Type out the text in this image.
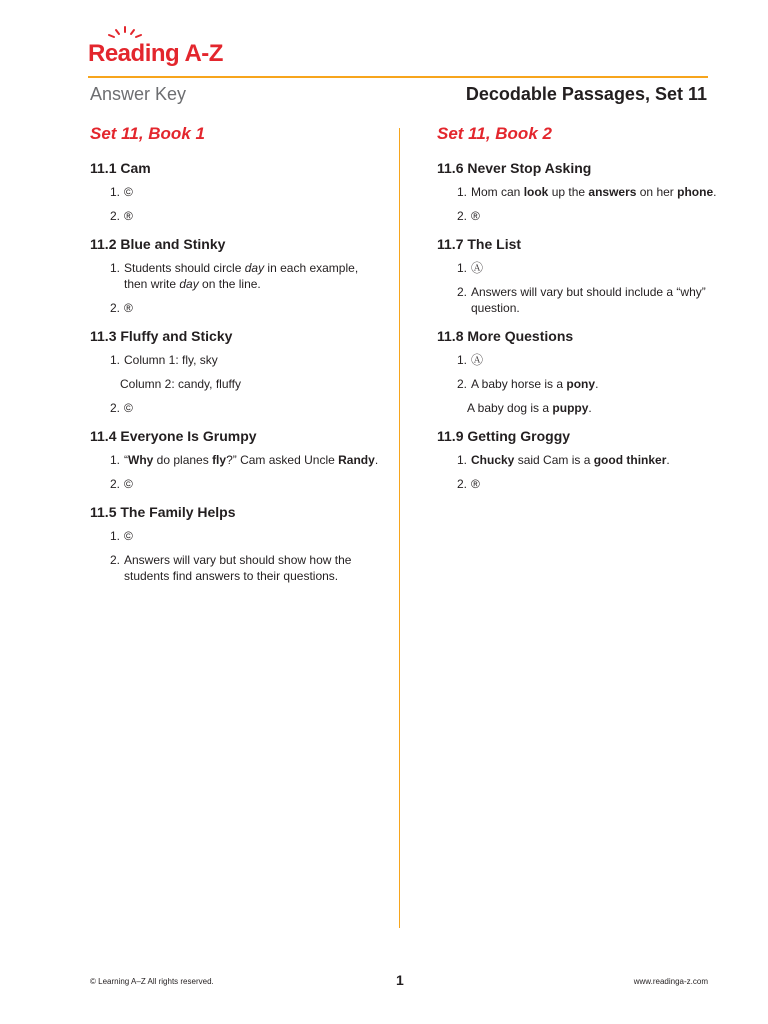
Reading A-Z
Answer Key	Decodable Passages, Set 11
Set 11, Book 1
11.1 Cam
1. ©
2. ®
11.2 Blue and Stinky
1. Students should circle day in each example, then write day on the line.
2. ®
11.3 Fluffy and Sticky
1. Column 1: fly, sky
Column 2: candy, fluffy
2. ©
11.4 Everyone Is Grumpy
1. “Why do planes fly?” Cam asked Uncle Randy.
2. ©
11.5 The Family Helps
1. ©
2. Answers will vary but should show how the students find answers to their questions.
Set 11, Book 2
11.6 Never Stop Asking
1. Mom can look up the answers on her phone.
2. ®
11.7 The List
1. Ⓐ
2. Answers will vary but should include a “why” question.
11.8 More Questions
1. Ⓐ
2. A baby horse is a pony.
A baby dog is a puppy.
11.9 Getting Groggy
1. Chucky said Cam is a good thinker.
2. ®
© Learning A–Z All rights reserved.	1	www.readinga-z.com
